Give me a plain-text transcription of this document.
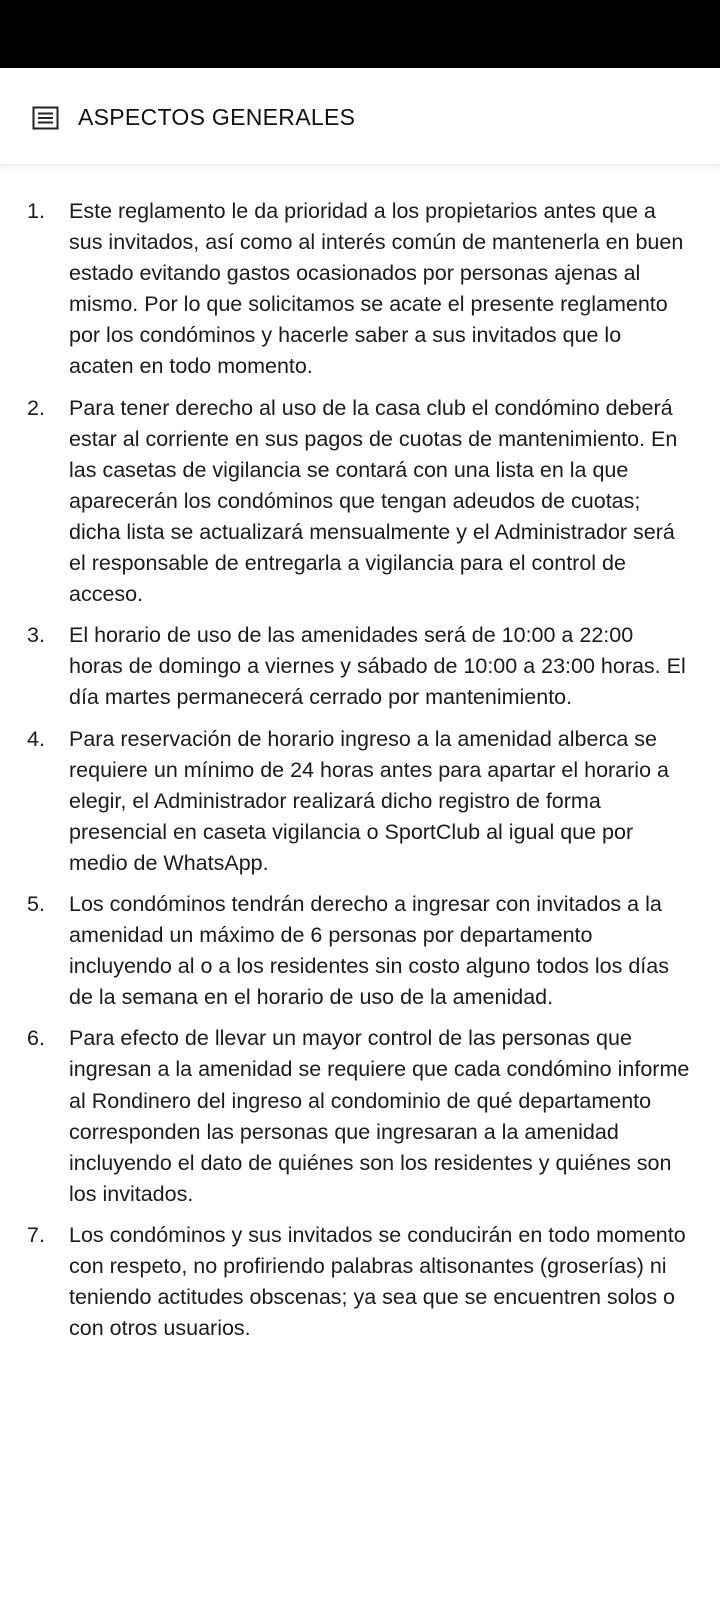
ASPECTOS GENERALES
1.	Este reglamento le da prioridad a los propietarios antes que a sus invitados, así como al interés común de mantenerla en buen estado evitando gastos ocasionados por personas ajenas al mismo. Por lo que solicitamos se acate el presente reglamento por los condóminos y hacerle saber a sus invitados que lo acaten en todo momento.
2.	Para tener derecho al uso de la casa club el condómino deberá estar al corriente en sus pagos de cuotas de mantenimiento. En las casetas de vigilancia se contará con una lista en la que aparecerán los condóminos que tengan adeudos de cuotas; dicha lista se actualizará mensualmente y el Administrador será el responsable de entregarla a vigilancia para el control de acceso.
3.	El horario de uso de las amenidades será de 10:00 a 22:00 horas de domingo a viernes y sábado de 10:00 a 23:00 horas. El día martes permanecerá cerrado por mantenimiento.
4.	Para reservación de horario ingreso a la amenidad alberca se requiere un mínimo de 24 horas antes para apartar el horario a elegir, el Administrador realizará dicho registro de forma presencial en caseta vigilancia o SportClub al igual que por medio de WhatsApp.
5.	Los condóminos tendrán derecho a ingresar con invitados a la amenidad un máximo de 6 personas por departamento incluyendo al o a los residentes sin costo alguno todos los días de la semana en el horario de uso de la amenidad.
6.	Para efecto de llevar un mayor control de las personas que ingresan a la amenidad se requiere que cada condómino informe al Rondinero del ingreso al condominio de qué departamento corresponden las personas que ingresaran a la amenidad incluyendo el dato de quiénes son los residentes y quiénes son los invitados.
7.	Los condóminos y sus invitados se conducirán en todo momento con respeto, no profiriendo palabras altisonantes (groserías) ni teniendo actitudes obscenas; ya sea que se encuentren solos o con otros usuarios.
